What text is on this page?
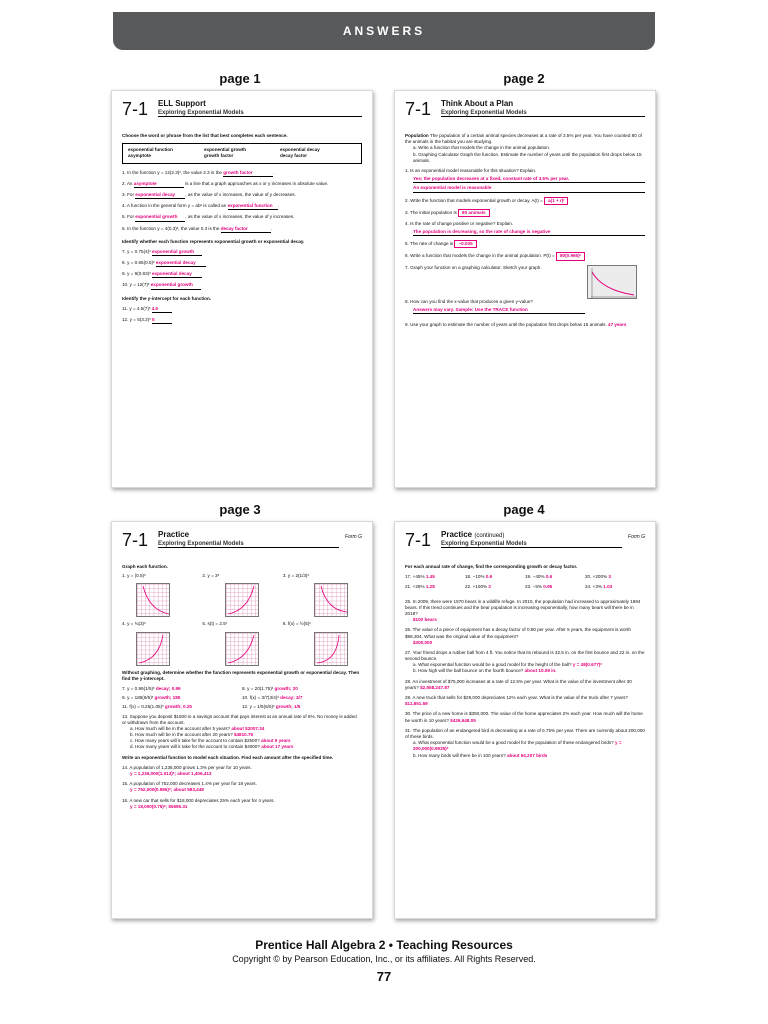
ANSWERS
page 1	page 2
page 3	page 4
7-1	ELL Support
Exploring Exponential Models
Choose the word or phrase from the list that best completes each sentence.
exponential function	exponential growth	exponential decay
asymptote	growth factor	decay factor
1. In the function y = 12(2.3)ˣ, the value 2.3 is the growth factor	.
2. An asymptote	is a line that a graph approaches as x or y increases in absolute value.
3. For exponential decay , as the value of x increases, the value of y decreases.
4. A function in the general form y = abˣ is called an exponential function .
5. For exponential growth , as the value of x increases, the value of y increases.
6. In the function y = 4(0.3)ˣ, the value 0.3 is the decay factor	.
Identify whether each function represents exponential growth or exponential decay.
7. y = 0.75(4)ˣ exponential growth
8. y = 0.65(0.5)ˣ exponential decay
9. y = 9(0.83)ˣ exponential decay
10. y = 12(7)ˣ exponential growth
Identify the y-intercept for each function.
11. y = 4.5(7)ˣ 4.5
12. y = 5(3.2)ˣ 5
7-1	Think About a Plan
Exploring Exponential Models
Population The population of a certain animal species decreases at a rate of 3.5% per year. You have counted 80 of the animals in the habitat you are studying.
a. Write a function that models the change in the animal population.
b. Graphing Calculator Graph the function. Estimate the number of years until the population first drops below 15 animals.
1. Is an exponential model reasonable for this situation? Explain.
Yes; the population decreases at a fixed, constant rate of 3.5% per year.
An exponential model is reasonable
2. Write the function that models exponential growth or decay. A(t) = a(1 + r)ᵗ
3. The initial population is 80 animals
4. Is the rate of change positive or negative? Explain.
The population is decreasing, so the rate of change is negative
5. The rate of change is −0.035
6. Write a function that models the change in the animal population. P(t) = 80(0.965)ᵗ
7. Graph your function on a graphing calculator. Sketch your graph.
8. How can you find the x-value that produces a given y-value?
Answers may vary. Sample: Use the TRACE function
9. Use your graph to estimate the number of years until the population first drops below 15 animals. 47 years
7-1	Practice
Exploring Exponential Models
Form G
Graph each function.
1. y = (0.5)ˣ	2. y = 3ˣ	3. y = 2(1/3)ˣ
4. y = ¾(3)ˣ	5. s(t) = 2.5ᵗ	6. f(x) = ½(5)ˣ
Without graphing, determine whether the function represents exponential growth or exponential decay. Then find the y-intercept.
7. y = 0.99(1/5)ˣ decay; 0.99	8. y = 20(1.75)ˣ growth; 20
9. y = 185(8/5)ˣ growth; 185	10. f(x) = 3/7(3/4)ˣ decay; 3/7
11. f(x) = 0.25(1.05)ˣ growth; 0.25	12. y = 1/5(6/5)ˣ growth; 1/5
13. Suppose you deposit $1500 in a savings account that pays interest at an annual rate of 6%. No money is added or withdrawn from the account.
a. How much will be in the account after 5 years? about $2007.34
b. How much will be in the account after 20 years? $4810.76
c. How many years will it take for the account to contain $2500? about 9 years
d. How many years will it take for the account to contain $4000? about 17 years
Write an exponential function to model each situation. Find each amount after the specified time.
14. A population of 1,236,000 grows 1.3% per year for 10 years.
y = 1,236,000(1.013)ˣ; about 1,406,413
15. A population of 752,000 decreases 1.4% per year for 18 years.
y = 752,000(0.986)ˣ; about 583,448
16. A new car that sells for $18,000 depreciates 25% each year for 4 years.
y = 18,000(0.75)ˣ; $5695.31
7-1	Practice (continued)
Exploring Exponential Models
Form G
For each annual rate of change, find the corresponding growth or decay factor.
17. +45% 1.45	18. −10% 0.9	19. −40% 0.6	20. +200% 3
21. +28% 1.28	22. +100% 2	23. −5% 0.95	24. +3% 1.03
25. In 2009, there were 1570 bears in a wildlife refuge. In 2010, the population had increased to approximately 1884 bears. If this trend continues and the bear population is increasing exponentially, how many bears will there be in 2018?
8100 bears
26. The value of a piece of equipment has a decay factor of 0.80 per year. After 5 years, the equipment is worth $98,304. What was the original value of the equipment?
$300,000
27. Your friend drops a rubber ball from 4 ft. You notice that its rebound is 32.5 in. on the first bounce and 22 in. on the second bounce.
a. What exponential function would be a good model for the height of the ball? y = 48(0.677)ˣ
b. How high will the ball bounce on the fourth bounce? about 10.08 in.
28. An investment of $75,000 increases at a rate of 12.5% per year. What is the value of the investment after 30 years? $2,558,247.87
29. A new truck that sells for $29,000 depreciates 12% each year. What is the value of the truck after 7 years? $11,851.59
30. The price of a new home is $350,000. The value of the home appreciates 2% each year. How much will the home be worth in 10 years? $426,648.05
31. The population of an endangered bird is decreasing at a rate of 0.75% per year. There are currently about 200,000 of these birds.
a. What exponential function would be a good model for the population of these endangered birds? y = 200,000(0.9925)ˣ
b. How many birds will there be in 100 years? about 94,207 birds
Prentice Hall Algebra 2 • Teaching Resources
Copyright © by Pearson Education, Inc., or its affiliates. All Rights Reserved.
77
